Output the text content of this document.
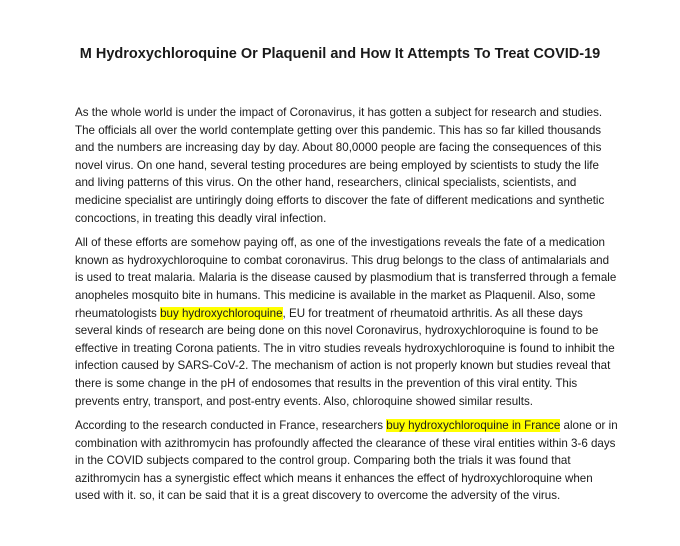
M Hydroxychloroquine Or Plaquenil and How It Attempts To Treat COVID-19

As the whole world is under the impact of Coronavirus, it has gotten a subject for research and studies. The officials all over the world contemplate getting over this pandemic. This has so far killed thousands and the numbers are increasing day by day. About 80,0000 people are facing the consequences of this novel virus. On one hand, several testing procedures are being employed by scientists to study the life and living patterns of this virus. On the other hand, researchers, clinical specialists, scientists, and medicine specialist are untiringly doing efforts to discover the fate of different medications and synthetic concoctions, in treating this deadly viral infection.

All of these efforts are somehow paying off, as one of the investigations reveals the fate of a medication known as hydroxychloroquine to combat coronavirus. This drug belongs to the class of antimalarials and is used to treat malaria. Malaria is the disease caused by plasmodium that is transferred through a female anopheles mosquito bite in humans. This medicine is available in the market as Plaquenil. Also, some rheumatologists buy hydroxychloroquine, EU for treatment of rheumatoid arthritis. As all these days several kinds of research are being done on this novel Coronavirus, hydroxychloroquine is found to be effective in treating Corona patients. The in vitro studies reveals hydroxychloroquine is found to inhibit the infection caused by SARS-CoV-2. The mechanism of action is not properly known but studies reveal that there is some change in the pH of endosomes that results in the prevention of this viral entity. This prevents entry, transport, and post-entry events. Also, chloroquine showed similar results.

According to the research conducted in France, researchers buy hydroxychloroquine in France alone or in combination with azithromycin has profoundly affected the clearance of these viral entities within 3-6 days in the COVID subjects compared to the control group. Comparing both the trials it was found that azithromycin has a synergistic effect which means it enhances the effect of hydroxychloroquine when used with it. so, it can be said that it is a great discovery to overcome the adversity of the virus.
